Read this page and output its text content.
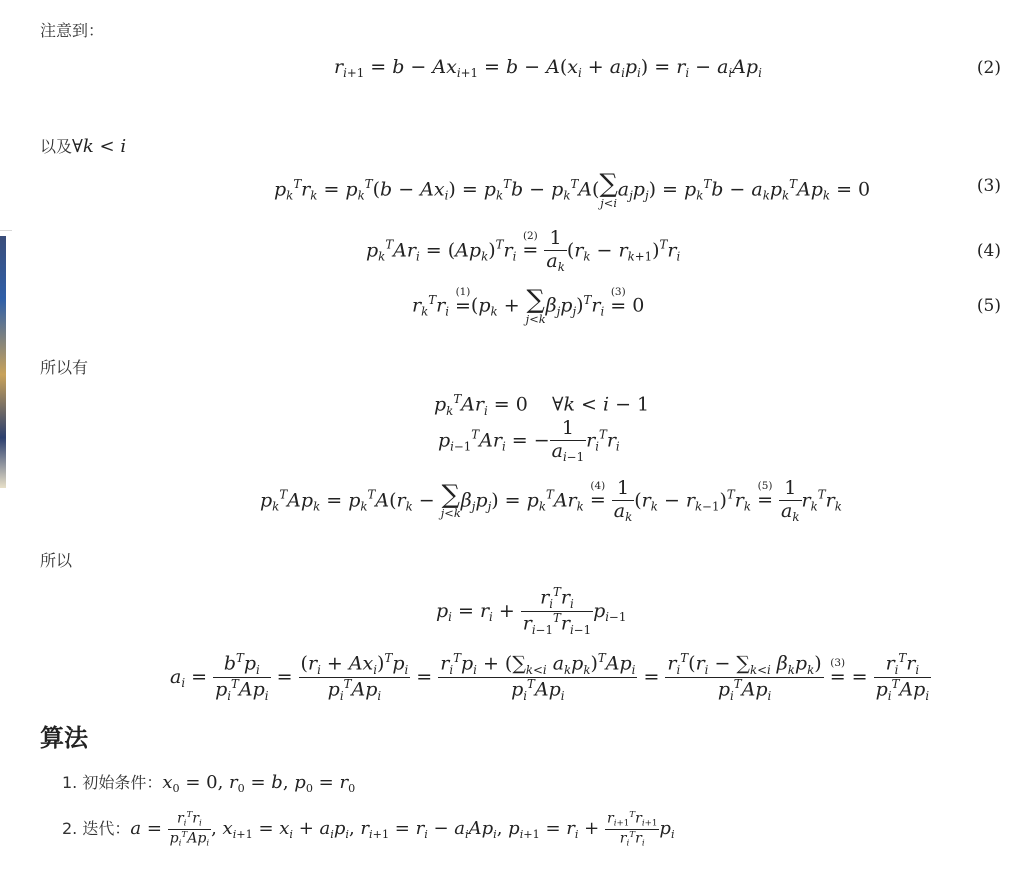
注意到：
$r_{i+1} = b - Ax_{i+1} = b - A(x_i + a_ip_i) = r_i - a_iAp_i$	(2)
以及∀k < i
$p_k^Tr_k = p_k^T(b - Ax_i) = p_k^Tb - p_k^TA$( ∑
j<i
$a_jp_j) = p_k^Tb - a_kp_k^TAp_k = 0$	(3)
$p_k^TAr_i = (Ap_k)^Tr_i$
(2)
= $\frac{1}{a_k} (r_k - r_{k+1})^Tr_i$	(4)
$r_k^Tr_i$
(1)
$=(p_k$ + ∑
j<k
$\beta_jp_j)^Tr_i$
(3)
= 0	(5)
所以有
$p_k^TAr_i = 0$    ∀k < i − 1
$p_{i-1}^TAr_i$ = − $\frac{1}{a_{i-1}} r_i^Tr_i$
$p_k^TAp_k = p_k^TA(r_k$ − ∑
j<k
$\beta_jp_j) = p_k^TAr_k$
(4)
= $\frac{1}{a_k} (r_k - r_{k-1})^Tr_k$
(5)
= $\frac{1}{a_k} r_k^Tr_k$
所以
$p_i = r_i + \frac{r_i^Tr_i}{r_{i-1}^Tr_{i-1}} p_{i-1}$
$a_i = \frac{b^Tp_i}{p_i^TAp_i} = \frac{(r_i + Ax_i)^Tp_i}{p_i^TAp_i} = \frac{r_i^Tp_i + (\sum_{k<i} a_kp_k)^TAp_i}{p_i^TAp_i} = \frac{r_i^T(r_i - \sum_{k<i} \beta_kp_k)}{p_i^TAp_i}$
(3)
= = $\frac{r_i^Tr_i}{p_i^TAp_i}$
算法
1. 初始条件：$x_0 = 0$, $r_0 = b$, $p_0 = r_0$
2. 迭代：$a = \frac{r_i^Tr_i}{p_i^TAp_i}$ , $x_{i+1} = x_i + a_ip_i$, $r_{i+1} = r_i - a_iAp_i$, $p_{i+1} = r_i + \frac{r_{i+1}^Tr_{i+1}}{r_i^Tr_i} p_i$
